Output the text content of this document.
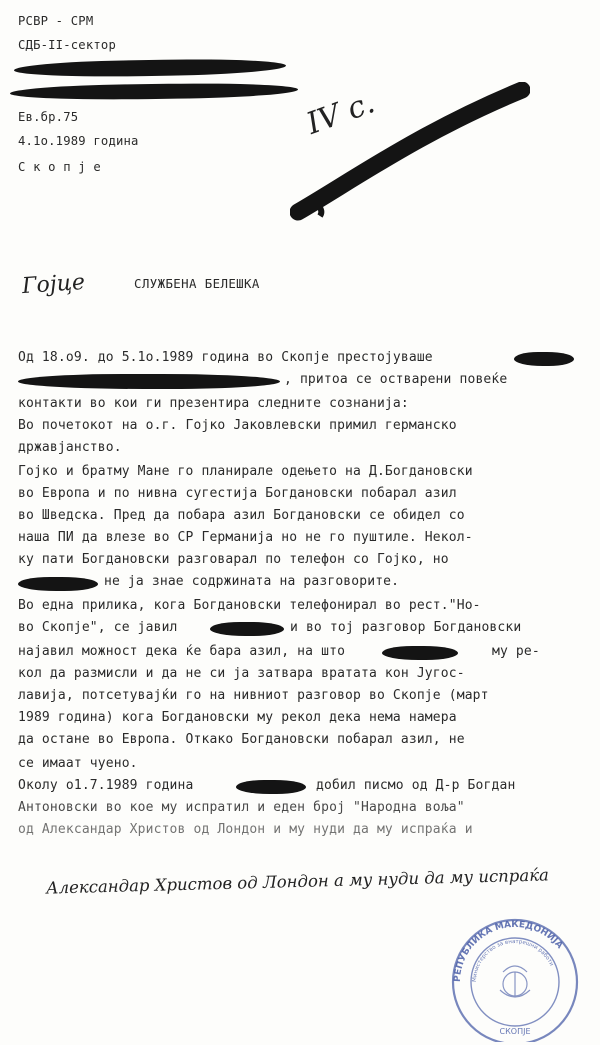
РСВР - СРМ
СДБ-II-сектор
Ев.бр.75
4.1о.1989 година
С к о п ј е
IV c.
Гојце	СЛУЖБЕНА БЕЛЕШКА
Од 18.о9. до 5.1о.1989 година во Скопје престојуваше
, притоа се остварени повеќе
контакти во кои ги презентира следните сознанија:
Во почетокот на о.г. Гојко Јаковлевски примил германско
државјанство.
Гојко и братму Мане го планирале одењето на Д.Богдановски
во Европа и по нивна сугестија Богдановски побарал азил
во Шведска. Пред да побара азил Богдановски се обидел со
наша ПИ да влезе во СР Германија но не го пуштиле. Некол-
ку пати Богдановски разговарал по телефон со Гојко, но
не ја знае содржината на разговорите.
Во една прилика, кога Богдановски телефонирал во рест."Но-
во Скопје", се јавил	и во тој разговор Богдановски
најавил можност дека ќе бара азил, на што	му ре-
кол да размисли и да не си ја затвара вратата кон Југос-
лавија, потсетувајќи го на нивниот разговор во Скопје (март
1989 година) кога Богдановски му рекол дека нема намера
да остане во Европа. Откако Богдановски побарал азил, не
се имаат чуено.
Околу о1.7.1989 година	добил писмо од Д-р Богдан
Антоновски во кое му испратил и еден број "Народна воља"
од Александар Христов од Лондон и му нуди да му испраќа и
Александар Христов од Лондон а му нуди да му испраќа
РЕПУБЛИКА МАКЕДОНИЈА
Министерство за внатрешни работи
СКОПЈЕ
